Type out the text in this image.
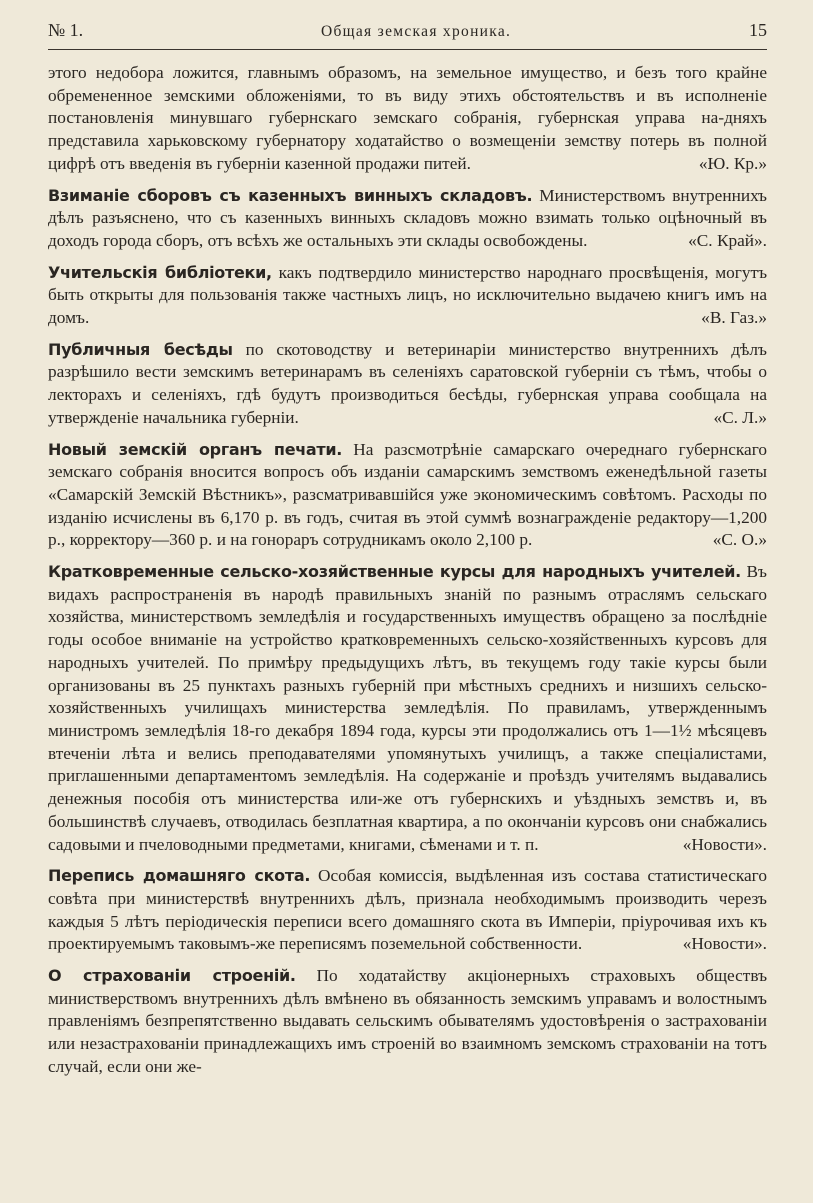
№ 1.	Общая земская хроника.	15

этого недобора ложится, главнымъ образомъ, на земельное имущество, и безъ того крайне обремененное земскими обложеніями, то въ виду этихъ обстоятельствъ и въ исполненіе постановленія минувшаго губернскаго земскаго собранія, губернская управа на-дняхъ представила харьковскому губернатору ходатайство о возмещеніи земству потерь въ полной цифрѣ отъ введенія въ губерніи казенной продажи питей.	«Ю. Кр.»

Взиманіе сборовъ съ казенныхъ винныхъ складовъ. Министерствомъ внутреннихъ дѣлъ разъяснено, что съ казенныхъ винныхъ складовъ можно взимать только оцѣночный въ доходъ города сборъ, отъ всѣхъ же остальныхъ эти склады освобождены.	«С. Край».

Учительскія библіотеки, какъ подтвердило министерство народнаго просвѣщенія, могутъ быть открыты для пользованія также частныхъ лицъ, но исключительно выдачею книгъ имъ на домъ.	«В. Газ.»

Публичныя бесѣды по скотоводству и ветеринаріи министерство внутреннихъ дѣлъ разрѣшило вести земскимъ ветеринарамъ въ селеніяхъ саратовской губерніи съ тѣмъ, чтобы о лекторахъ и селеніяхъ, гдѣ будутъ производиться бесѣды, губернская управа сообщала на утвержденіе начальника губерніи.	«С. Л.»

Новый земскій органъ печати. На разсмотрѣніе самарскаго очереднаго губернскаго земскаго собранія вносится вопросъ объ изданіи самарскимъ земствомъ еженедѣльной газеты «Самарскій Земскій Вѣстникъ», разсматривавшійся уже экономическимъ совѣтомъ. Расходы по изданію исчислены въ 6,170 р. въ годъ, считая въ этой суммѣ вознагражденіе редактору—1,200 р., корректору—360 р. и на гонораръ сотрудникамъ около 2,100 р.	«С. О.»

Кратковременные сельско-хозяйственные курсы для народныхъ учителей. Въ видахъ распространенія въ народѣ правильныхъ знаній по разнымъ отраслямъ сельскаго хозяйства, министерствомъ земледѣлія и государственныхъ имуществъ обращено за послѣдніе годы особое вниманіе на устройство кратковременныхъ сельско-хозяйственныхъ курсовъ для народныхъ учителей. По примѣру предыдущихъ лѣтъ, въ текущемъ году такіе курсы были организованы въ 25 пунктахъ разныхъ губерній при мѣстныхъ среднихъ и низшихъ сельско-хозяйственныхъ училищахъ министерства земледѣлія. По правиламъ, утвержденнымъ министромъ земледѣлія 18-го декабря 1894 года, курсы эти продолжались отъ 1—1½ мѣсяцевъ втеченіи лѣта и велись преподавателями упомянутыхъ училищъ, а также спеціалистами, приглашенными департаментомъ земледѣлія. На содержаніе и проѣздъ учителямъ выдавались денежныя пособія отъ министерства или-же отъ губернскихъ и уѣздныхъ земствъ и, въ большинствѣ случаевъ, отводилась безплатная квартира, а по окончаніи курсовъ они снабжались садовыми и пчеловодными предметами, книгами, сѣменами и т. п.	«Новости».

Перепись домашняго скота. Особая комиссія, выдѣленная изъ состава статистическаго совѣта при министерствѣ внутреннихъ дѣлъ, признала необходимымъ производить черезъ каждыя 5 лѣтъ періодическія переписи всего домашняго скота въ Имперіи, пріурочивая ихъ къ проектируемымъ таковымъ-же переписямъ поземельной собственности.	«Новости».

О страхованіи строеній. По ходатайству акціонерныхъ страховыхъ обществъ министверствомъ внутреннихъ дѣлъ вмѣнено въ обязанность земскимъ управамъ и волостнымъ правленіямъ безпрепятственно выдавать сельскимъ обывателямъ удостовѣренія о застрахованіи или незастрахованіи принадлежащихъ имъ строеній во взаимномъ земскомъ страхованіи на тотъ случай, если они же-
